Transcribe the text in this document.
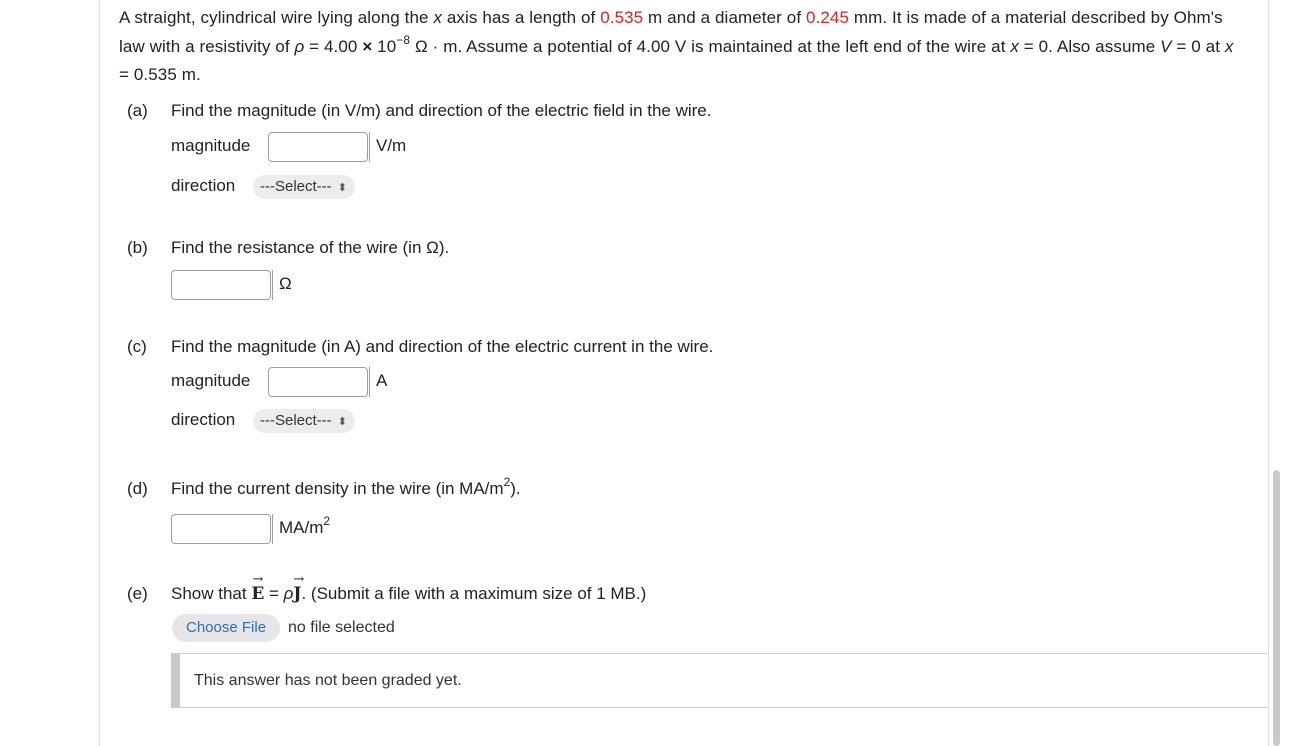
A straight, cylindrical wire lying along the x axis has a length of 0.535 m and a diameter of 0.245 mm. It is made of a material described by Ohm's law with a resistivity of $\rho = 4.00 \times 10^{-8}$ Ω · m. Assume a potential of 4.00 V is maintained at the left end of the wire at x = 0. Also assume V = 0 at x = 0.535 m.
(a) Find the magnitude (in V/m) and direction of the electric field in the wire.
magnitude	V/m
direction	---Select--- ⬍
(b) Find the resistance of the wire (in Ω).
Ω
(c) Find the magnitude (in A) and direction of the electric current in the wire.
magnitude	A
direction	---Select--- ⬍
(d) Find the current density in the wire (in $MA/m^2$).
$MA/m^2$
(e) Show that → E = ρ→ J. (Submit a file with a maximum size of 1 MB.)
Choose File	no file selected
This answer has not been graded yet.
